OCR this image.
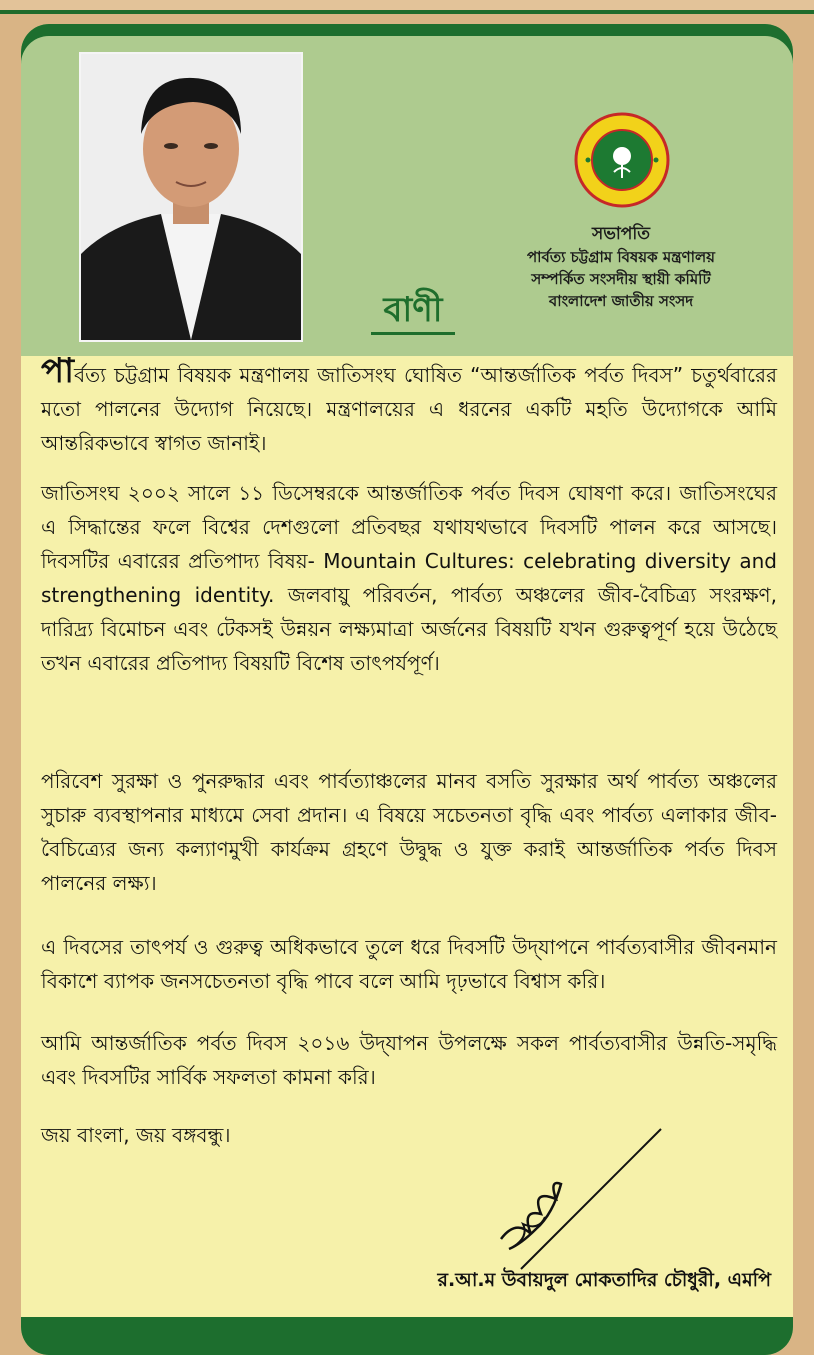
সভাপতি
পার্বত্য চট্টগ্রাম বিষয়ক মন্ত্রণালয়
সম্পর্কিত সংসদীয় স্থায়ী কমিটি
বাংলাদেশ জাতীয় সংসদ
বাণী

পার্বত্য চট্টগ্রাম বিষয়ক মন্ত্রণালয় জাতিসংঘ ঘোষিত “আন্তর্জাতিক পর্বত দিবস” চতুর্থবারের মতো পালনের উদ্যোগ নিয়েছে। মন্ত্রণালয়ের এ ধরনের একটি মহতি উদ্যোগকে আমি আন্তরিকভাবে স্বাগত জানাই।

জাতিসংঘ ২০০২ সালে ১১ ডিসেম্বরকে আন্তর্জাতিক পর্বত দিবস ঘোষণা করে। জাতিসংঘের এ সিদ্ধান্তের ফলে বিশ্বের দেশগুলো প্রতিবছর যথাযথভাবে দিবসটি পালন করে আসছে। দিবসটির এবারের প্রতিপাদ্য বিষয়- Mountain Cultures: celebrating diversity and strengthening identity. জলবায়ু পরিবর্তন, পার্বত্য অঞ্চলের জীব-বৈচিত্র্য সংরক্ষণ, দারিদ্র্য বিমোচন এবং টেকসই উন্নয়ন লক্ষ্যমাত্রা অর্জনের বিষয়টি যখন গুরুত্বপূর্ণ হয়ে উঠেছে তখন এবারের প্রতিপাদ্য বিষয়টি বিশেষ তাৎপর্যপূর্ণ।

পরিবেশ সুরক্ষা ও পুনরুদ্ধার এবং পার্বত্যাঞ্চলের মানব বসতি সুরক্ষার অর্থ পার্বত্য অঞ্চলের সুচারু ব্যবস্থাপনার মাধ্যমে সেবা প্রদান। এ বিষয়ে সচেতনতা বৃদ্ধি এবং পার্বত্য এলাকার জীব-বৈচিত্র্যের জন্য কল্যাণমুখী কার্যক্রম গ্রহণে উদ্বুদ্ধ ও যুক্ত করাই আন্তর্জাতিক পর্বত দিবস পালনের লক্ষ্য।

এ দিবসের তাৎপর্য ও গুরুত্ব অধিকভাবে তুলে ধরে দিবসটি উদ্‌যাপনে পার্বত্যবাসীর জীবনমান বিকাশে ব্যাপক জনসচেতনতা বৃদ্ধি পাবে বলে আমি দৃঢ়ভাবে বিশ্বাস করি।

আমি আন্তর্জাতিক পর্বত দিবস ২০১৬ উদ্‌যাপন উপলক্ষে সকল পার্বত্যবাসীর উন্নতি-সমৃদ্ধি এবং দিবসটির সার্বিক সফলতা কামনা করি।

জয় বাংলা, জয় বঙ্গবন্ধু।

র.আ.ম উবায়দুল মোকতাদির চৌধুরী, এমপি
